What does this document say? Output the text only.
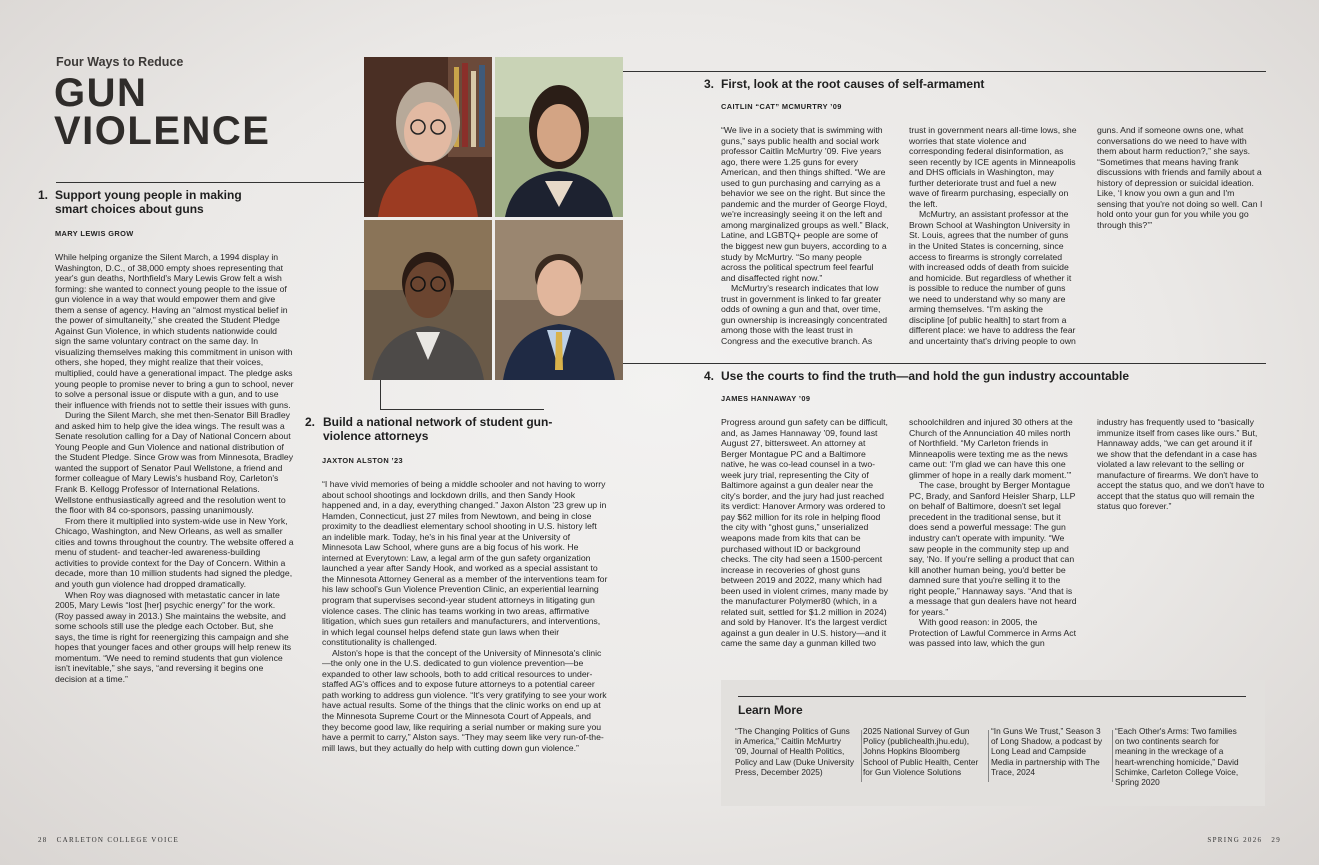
Four Ways to Reduce
GUN
VIOLENCE
1. Support young people in making smart choices about guns
MARY LEWIS GROW

While helping organize the Silent March, a 1994 display in Washington, D.C., of 38,000 empty shoes representing that year's gun deaths, Northfield's Mary Lewis Grow felt a wish forming: she wanted to connect young people to the issue of gun violence in a way that would empower them and give them a sense of agency. Having an “almost mystical belief in the power of simultaneity,” she created the Student Pledge Against Gun Violence, in which students nationwide could sign the same voluntary contract on the same day. In visualizing themselves making this commitment in unison with others, she hoped, they might realize that their voices, multiplied, could have a generational impact. The pledge asks young people to promise never to bring a gun to school, never to solve a personal issue or dispute with a gun, and to use their influence with friends not to settle their issues with guns.

During the Silent March, she met then-Senator Bill Bradley and asked him to help give the idea wings. The result was a Senate resolution calling for a Day of National Concern about Young People and Gun Violence and national distribution of the Student Pledge. Since Grow was from Minnesota, Bradley wanted the support of Senator Paul Wellstone, a friend and former colleague of Mary Lewis's husband Roy, Carleton's Frank B. Kellogg Professor of International Relations. Wellstone enthusiastically agreed and the resolution went to the floor with 84 co-sponsors, passing unanimously.

From there it multiplied into system-wide use in New York, Chicago, Washington, and New Orleans, as well as smaller cities and towns throughout the country. The website offered a menu of student- and teacher-led awareness-building activities to provide context for the Day of Concern. Within a decade, more than 10 million students had signed the pledge, and youth gun violence had dropped dramatically.

When Roy was diagnosed with metastatic cancer in late 2005, Mary Lewis “lost [her] psychic energy” for the work. (Roy passed away in 2013.) She maintains the website, and some schools still use the pledge each October. But, she says, the time is right for reenergizing this campaign and she hopes that younger faces and other groups will help renew its momentum. “We need to remind students that gun violence isn't inevitable,” she says, “and reversing it begins one decision at a time.”

2. Build a national network of student gun-violence attorneys
JAXTON ALSTON ’23

“I have vivid memories of being a middle schooler and not having to worry about school shootings and lockdown drills, and then Sandy Hook happened and, in a day, everything changed.” Jaxon Alston ’23 grew up in Hamden, Connecticut, just 27 miles from Newtown, and being in close proximity to the deadliest elementary school shooting in U.S. history left an indelible mark. Today, he's in his final year at the University of Minnesota Law School, where guns are a big focus of his work. He interned at Everytown: Law, a legal arm of the gun safety organization launched a year after Sandy Hook, and worked as a special assistant to the Minnesota Attorney General as a member of the interventions team for his law school's Gun Violence Prevention Clinic, an experiential learning program that supervises second-year student attorneys in litigating gun violence cases. The clinic has teams working in two areas, affirmative litigation, which sues gun retailers and manufacturers, and interventions, in which legal counsel helps defend state gun laws when their constitutionality is challenged.

Alston's hope is that the concept of the University of Minnesota's clinic—the only one in the U.S. dedicated to gun violence prevention—be expanded to other law schools, both to add critical resources to under-staffed AG's offices and to expose future attorneys to a potential career path working to address gun violence. “It's very gratifying to see your work have actual results. Some of the things that the clinic works on end up at the Minnesota Supreme Court or the Minnesota Court of Appeals, and they become good law, like requiring a serial number or making sure you have a permit to carry,” Alston says. “They may seem like very run-of-the-mill laws, but they actually do help with cutting down gun violence.”

3. First, look at the root causes of self-armament
CAITLIN “CAT” MCMURTRY ’09

“We live in a society that is swimming with guns,” says public health and social work professor Caitlin McMurtry ’09. Five years ago, there were 1.25 guns for every American, and then things shifted. “We are used to gun purchasing and carrying as a behavior we see on the right. But since the pandemic and the murder of George Floyd, we're increasingly seeing it on the left and among marginalized groups as well.” Black, Latine, and LGBTQ+ people are some of the biggest new gun buyers, according to a study by McMurtry. “So many people across the political spectrum feel fearful and disaffected right now.”

McMurtry's research indicates that low trust in government is linked to far greater odds of owning a gun and that, over time, gun ownership is increasingly concentrated among those with the least trust in Congress and the executive branch. As trust in government nears all-time lows, she worries that state violence and corresponding federal disinformation, as seen recently by ICE agents in Minneapolis and DHS officials in Washington, may further deteriorate trust and fuel a new wave of firearm purchasing, especially on the left.

McMurtry, an assistant professor at the Brown School at Washington University in St. Louis, agrees that the number of guns in the United States is concerning, since access to firearms is strongly correlated with increased odds of death from suicide and homicide. But regardless of whether it is possible to reduce the number of guns we need to understand why so many are arming themselves. “I'm asking the discipline [of public health] to start from a different place: we have to address the fear and uncertainty that's driving people to own guns. And if someone owns one, what conversations do we need to have with them about harm reduction?,” she says. “Sometimes that means having frank discussions with friends and family about a history of depression or suicidal ideation. Like, ‘I know you own a gun and I'm sensing that you're not doing so well. Can I hold onto your gun for you while you go through this?’”

4. Use the courts to find the truth—and hold the gun industry accountable
JAMES HANNAWAY ’09

Progress around gun safety can be difficult, and, as James Hannaway ’09, found last August 27, bittersweet. An attorney at Berger Montague PC and a Baltimore native, he was co-lead counsel in a two-week jury trial, representing the City of Baltimore against a gun dealer near the city's border, and the jury had just reached its verdict: Hanover Armory was ordered to pay $62 million for its role in helping flood the city with “ghost guns,” unserialized weapons made from kits that can be purchased without ID or background checks. The city had seen a 1500-percent increase in recoveries of ghost guns between 2019 and 2022, many which had been used in violent crimes, many made by the manufacturer Polymer80 (which, in a related suit, settled for $1.2 million in 2024) and sold by Hanover. It's the largest verdict against a gun dealer in U.S. history—and it came the same day a gunman killed two schoolchildren and injured 30 others at the Church of the Annunciation 40 miles north of Northfield. “My Carleton friends in Minneapolis were texting me as the news came out: ‘I'm glad we can have this one glimmer of hope in a really dark moment.’”

The case, brought by Berger Montague PC, Brady, and Sanford Heisler Sharp, LLP on behalf of Baltimore, doesn't set legal precedent in the traditional sense, but it does send a powerful message: The gun industry can't operate with impunity. “We saw people in the community step up and say, ‘No. If you're selling a product that can kill another human being, you'd better be damned sure that you're selling it to the right people,” Hannaway says. “And that is a message that gun dealers have not heard for years.”

With good reason: in 2005, the Protection of Lawful Commerce in Arms Act was passed into law, which the gun industry has frequently used to “basically immunize itself from cases like ours.” But, Hannaway adds, “we can get around it if we show that the defendant in a case has violated a law relevant to the selling or manufacture of firearms. We don't have to accept the status quo, and we don't have to accept that the status quo will remain the status quo forever.”

Learn More
“The Changing Politics of Guns in America,” Caitlin McMurtry ’09, Journal of Health Politics, Policy and Law (Duke University Press, December 2025)
2025 National Survey of Gun Policy (publichealth.jhu.edu), Johns Hopkins Bloomberg School of Public Health, Center for Gun Violence Solutions
“In Guns We Trust,” Season 3 of Long Shadow, a podcast by Long Lead and Campside Media in partnership with The Trace, 2024
“Each Other's Arms: Two families on two continents search for meaning in the wreckage of a heart-wrenching homicide,” David Schimke, Carleton College Voice, Spring 2020
28 CARLETON COLLEGE VOICE	SPRING 2026 29
